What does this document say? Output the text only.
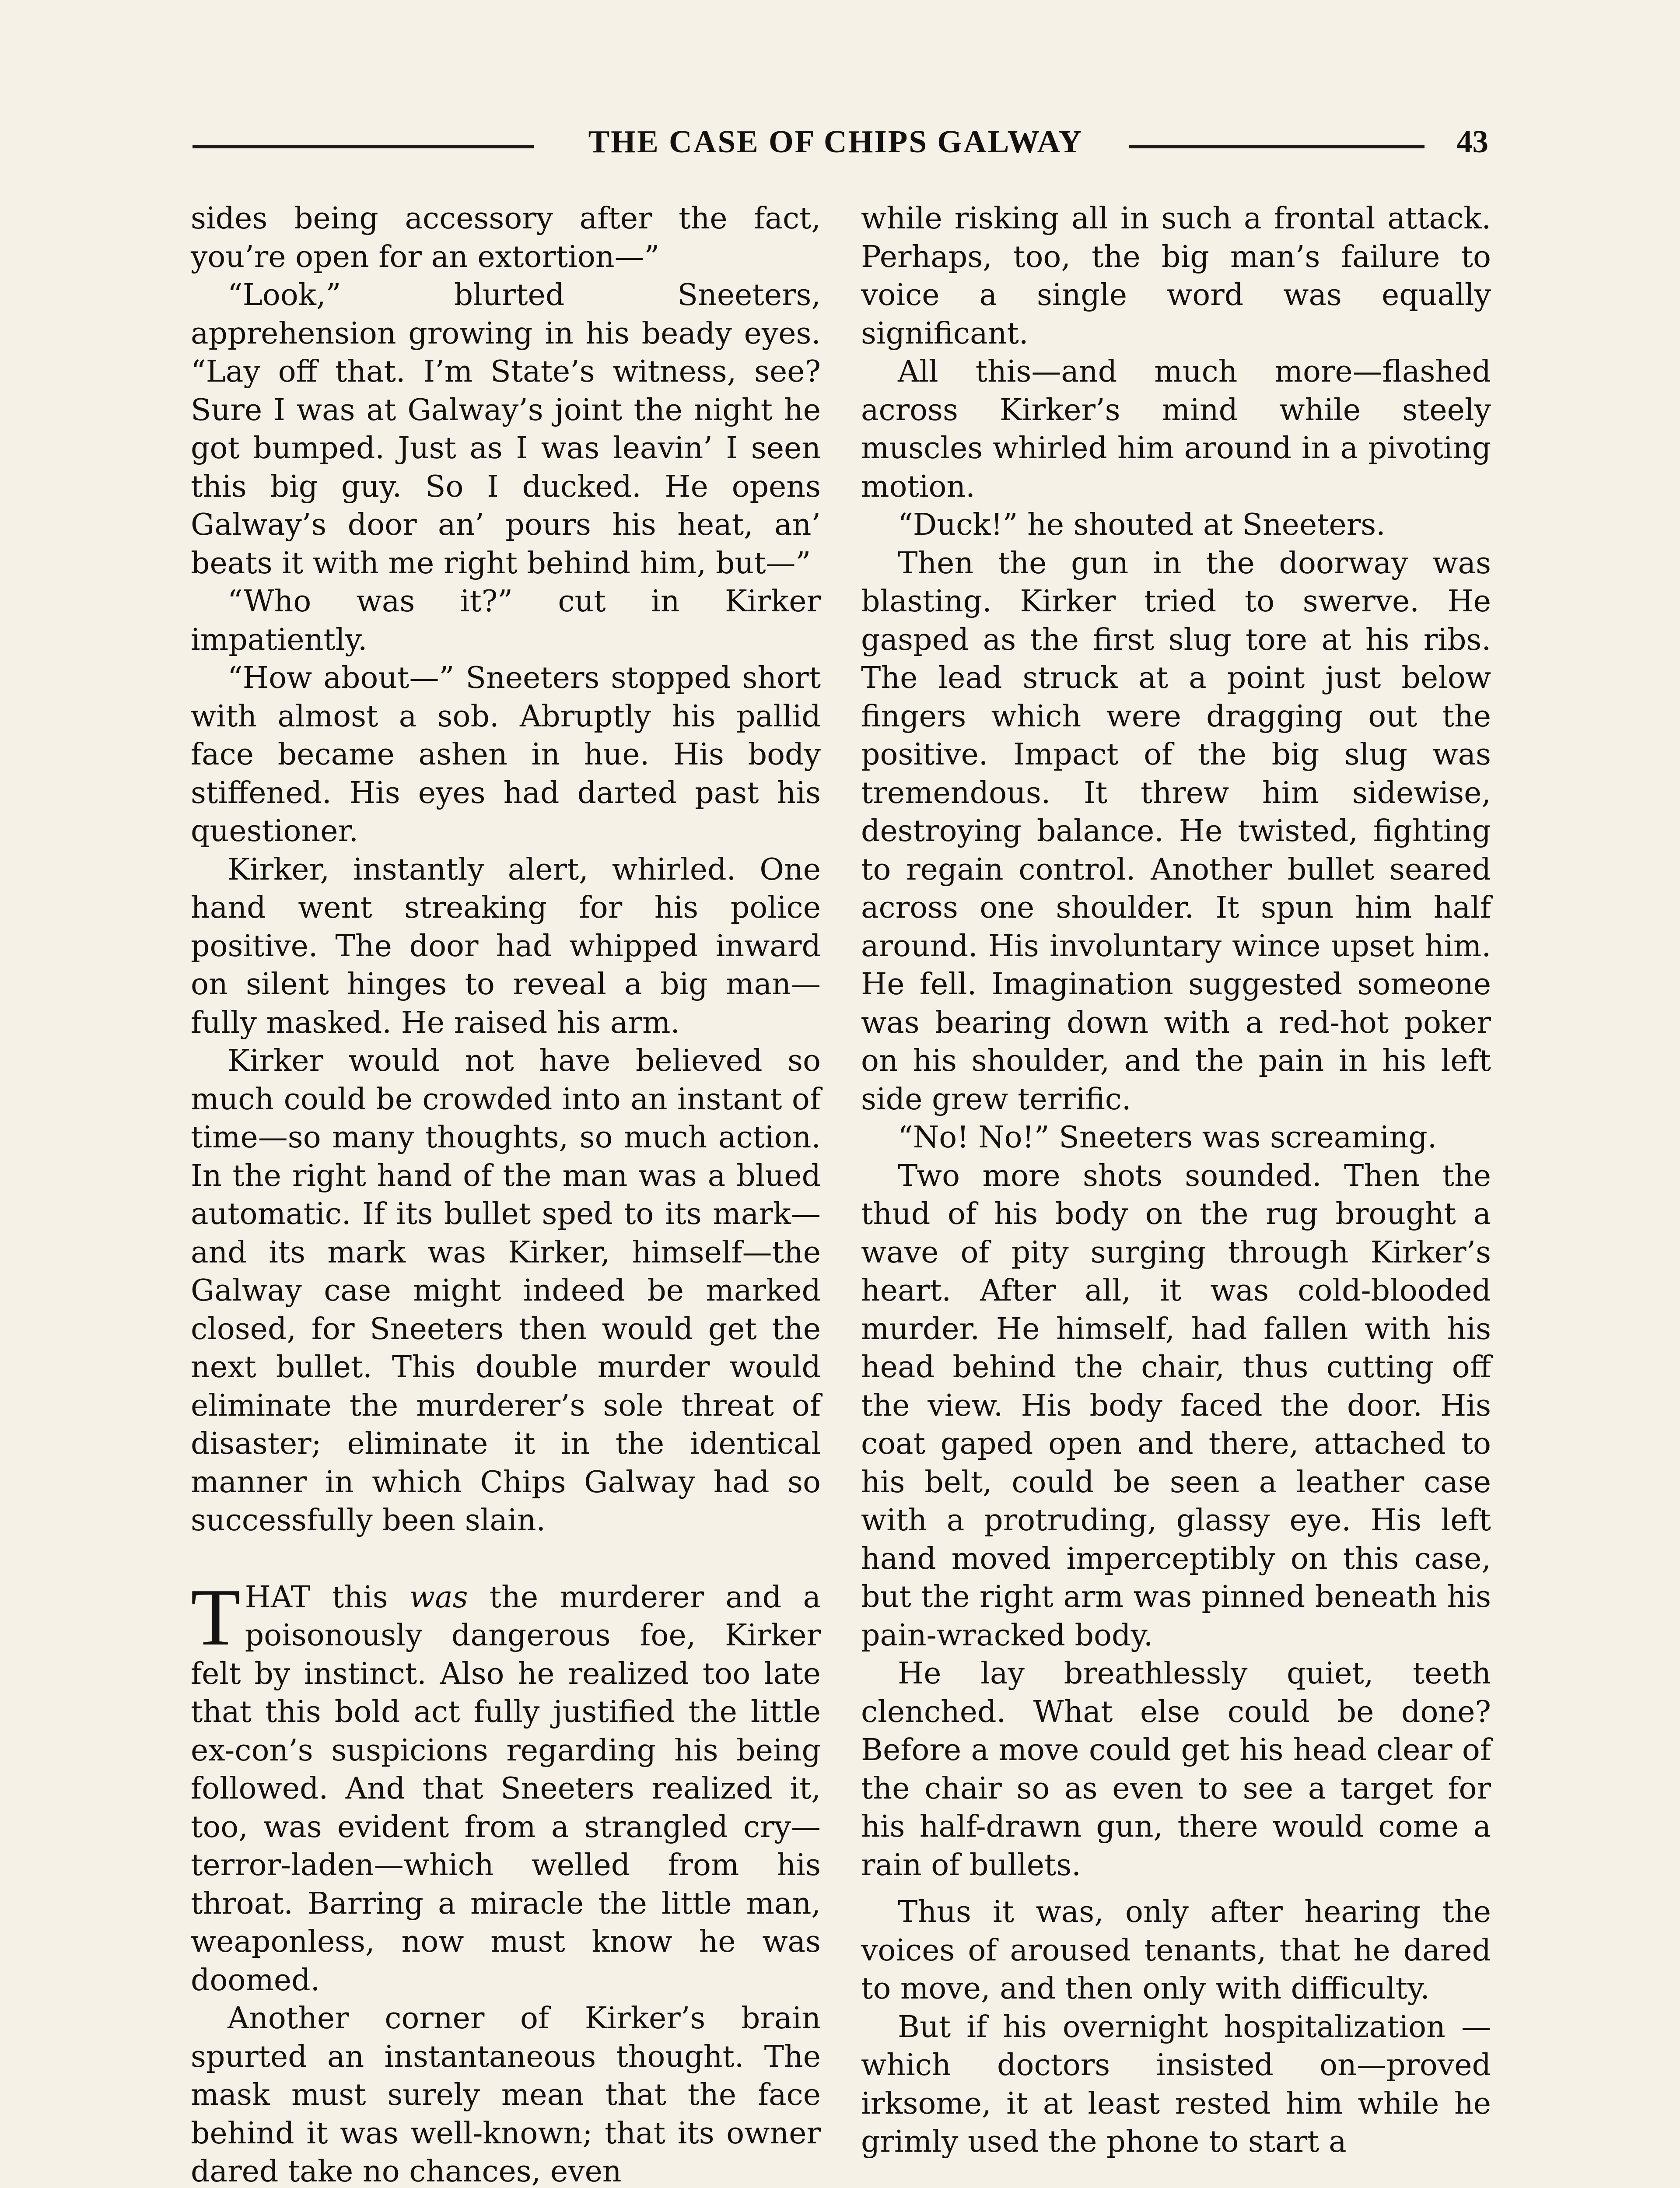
THE CASE OF CHIPS GALWAY	43

sides being accessory after the fact, you’re open for an extortion—”

“Look,” blurted Sneeters, apprehension growing in his beady eyes. “Lay off that. I’m State’s witness, see? Sure I was at Galway’s joint the night he got bumped. Just as I was leavin’ I seen this big guy. So I ducked. He opens Galway’s door an’ pours his heat, an’ beats it with me right behind him, but—”

“Who was it?” cut in Kirker impatiently.

“How about—” Sneeters stopped short with almost a sob. Abruptly his pallid face became ashen in hue. His body stiffened. His eyes had darted past his questioner.

Kirker, instantly alert, whirled. One hand went streaking for his police positive. The door had whipped inward on silent hinges to reveal a big man—fully masked. He raised his arm.

Kirker would not have believed so much could be crowded into an instant of time—so many thoughts, so much action. In the right hand of the man was a blued automatic. If its bullet sped to its mark—and its mark was Kirker, himself—the Galway case might indeed be marked closed, for Sneeters then would get the next bullet. This double murder would eliminate the murderer’s sole threat of disaster; eliminate it in the identical manner in which Chips Galway had so successfully been slain.

THAT this was the murderer and a poisonously dangerous foe, Kirker felt by instinct. Also he realized too late that this bold act fully justified the little ex-con’s suspicions regarding his being followed. And that Sneeters realized it, too, was evident from a strangled cry—terror-laden—which welled from his throat. Barring a miracle the little man, weaponless, now must know he was doomed.

Another corner of Kirker’s brain spurted an instantaneous thought. The mask must surely mean that the face behind it was well-known; that its owner dared take no chances, even

while risking all in such a frontal attack. Perhaps, too, the big man’s failure to voice a single word was equally significant.

All this—and much more—flashed across Kirker’s mind while steely muscles whirled him around in a pivoting motion.

“Duck!” he shouted at Sneeters.

Then the gun in the doorway was blasting. Kirker tried to swerve. He gasped as the first slug tore at his ribs. The lead struck at a point just below fingers which were dragging out the positive. Impact of the big slug was tremendous. It threw him sidewise, destroying balance. He twisted, fighting to regain control. Another bullet seared across one shoulder. It spun him half around. His involuntary wince upset him. He fell. Imagination suggested someone was bearing down with a red-hot poker on his shoulder, and the pain in his left side grew terrific.

“No! No!” Sneeters was screaming.

Two more shots sounded. Then the thud of his body on the rug brought a wave of pity surging through Kirker’s heart. After all, it was cold-blooded murder. He himself, had fallen with his head behind the chair, thus cutting off the view. His body faced the door. His coat gaped open and there, attached to his belt, could be seen a leather case with a protruding, glassy eye. His left hand moved imperceptibly on this case, but the right arm was pinned beneath his pain-wracked body.

He lay breathlessly quiet, teeth clenched. What else could be done? Before a move could get his head clear of the chair so as even to see a target for his half-drawn gun, there would come a rain of bullets.

Thus it was, only after hearing the voices of aroused tenants, that he dared to move, and then only with difficulty.

But if his overnight hospitalization —which doctors insisted on—proved irksome, it at least rested him while he grimly used the phone to start a
